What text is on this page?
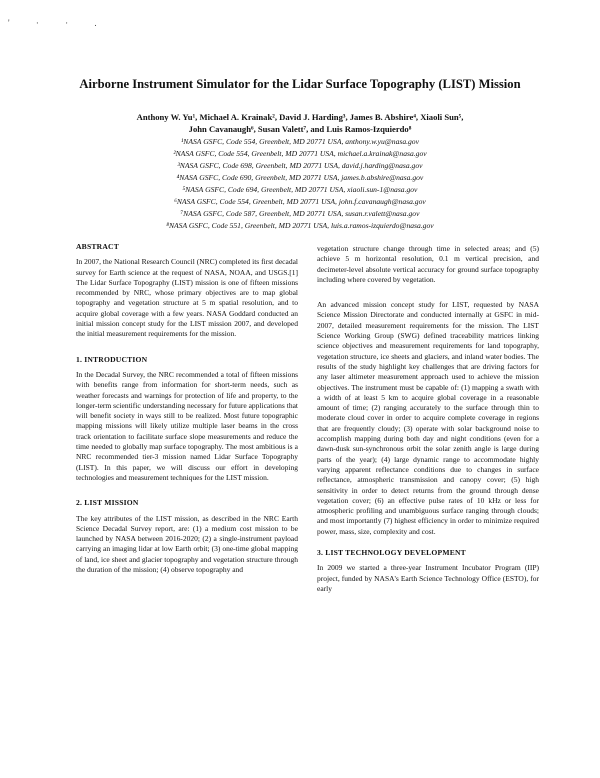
' · · .
Airborne Instrument Simulator for the Lidar Surface Topography (LIST) Mission
Anthony W. Yu¹, Michael A. Krainak², David J. Harding³, James B. Abshire⁴, Xiaoli Sun⁵,
John Cavanaugh⁶, Susan Valett⁷, and Luis Ramos-Izquierdo⁸
¹NASA GSFC, Code 554, Greenbelt, MD 20771 USA, anthony.w.yu@nasa.gov
²NASA GSFC, Code 554, Greenbelt, MD 20771 USA, michael.a.krainak@nasa.gov
³NASA GSFC, Code 698, Greenbelt, MD 20771 USA, david.j.harding@nasa.gov
⁴NASA GSFC, Code 690, Greenbelt, MD 20771 USA, james.b.abshire@nasa.gov
⁵NASA GSFC, Code 694, Greenbelt, MD 20771 USA, xiaoli.sun-1@nasa.gov
⁶NASA GSFC, Code 554, Greenbelt, MD 20771 USA, john.f.cavanaugh@nasa.gov
⁷NASA GSFC, Code 587, Greenbelt, MD 20771 USA, susan.r.valett@nasa.gov
⁸NASA GSFC, Code 551, Greenbelt, MD 20771 USA, luis.a.ramos-izquierdo@nasa.gov
ABSTRACT

In 2007, the National Research Council (NRC) completed its first decadal survey for Earth science at the request of NASA, NOAA, and USGS.[1] The Lidar Surface Topography (LIST) mission is one of fifteen missions recommended by NRC, whose primary objectives are to map global topography and vegetation structure at 5 m spatial resolution, and to acquire global coverage with a few years. NASA Goddard conducted an initial mission concept study for the LIST mission 2007, and developed the initial measurement requirements for the mission.

1. INTRODUCTION

In the Decadal Survey, the NRC recommended a total of fifteen missions with benefits range from information for short-term needs, such as weather forecasts and warnings for protection of life and property, to the longer-term scientific understanding necessary for future applications that will benefit society in ways still to be realized. Most future topographic mapping missions will likely utilize multiple laser beams in the cross track orientation to facilitate surface slope measurements and reduce the time needed to globally map surface topography. The most ambitious is a NRC recommended tier-3 mission named Lidar Surface Topography (LIST). In this paper, we will discuss our effort in developing technologies and measurement techniques for the LIST mission.

2. LIST MISSION

The key attributes of the LIST mission, as described in the NRC Earth Science Decadal Survey report, are: (1) a medium cost mission to be launched by NASA between 2016-2020; (2) a single-instrument payload carrying an imaging lidar at low Earth orbit; (3) one-time global mapping of land, ice sheet and glacier topography and vegetation structure through the duration of the mission; (4) observe topography and

vegetation structure change through time in selected areas; and (5) achieve 5 m horizontal resolution, 0.1 m vertical precision, and decimeter-level absolute vertical accuracy for ground surface topography including where covered by vegetation.

An advanced mission concept study for LIST, requested by NASA Science Mission Directorate and conducted internally at GSFC in mid-2007, detailed measurement requirements for the mission. The LIST Science Working Group (SWG) defined traceability matrices linking science objectives and measurement requirements for land topography, vegetation structure, ice sheets and glaciers, and inland water bodies. The results of the study highlight key challenges that are driving factors for any laser altimeter measurement approach used to achieve the mission objectives. The instrument must be capable of: (1) mapping a swath with a width of at least 5 km to acquire global coverage in a reasonable amount of time; (2) ranging accurately to the surface through thin to moderate cloud cover in order to acquire complete coverage in regions that are frequently cloudy; (3) operate with solar background noise to accomplish mapping during both day and night conditions (even for a dawn-dusk sun-synchronous orbit the solar zenith angle is large during parts of the year); (4) large dynamic range to accommodate highly varying apparent reflectance conditions due to changes in surface reflectance, atmospheric transmission and canopy cover; (5) high sensitivity in order to detect returns from the ground through dense vegetation cover; (6) an effective pulse rates of 10 kHz or less for atmospheric profiling and unambiguous surface ranging through clouds; and most importantly (7) highest efficiency in order to minimize required power, mass, size, complexity and cost.

3. LIST TECHNOLOGY DEVELOPMENT

In 2009 we started a three-year Instrument Incubator Program (IIP) project, funded by NASA's Earth Science Technology Office (ESTO), for early
